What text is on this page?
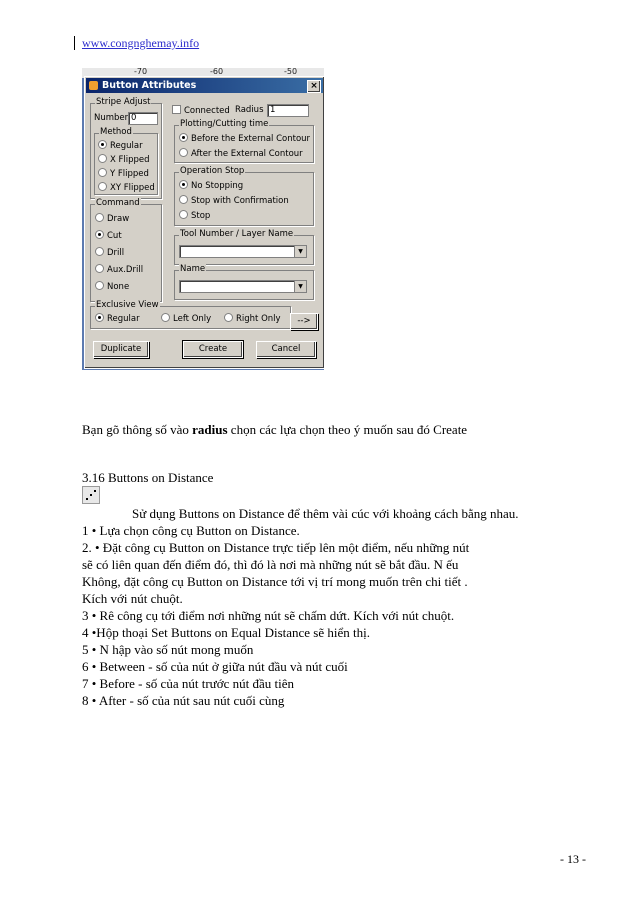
www.congnghemay.info
-70	-60	-50
Button Attributes	×
Stripe Adjust
Number 0
Method
Regular
X Flipped
Y Flipped
XY Flipped
Command
Draw
Cut
Drill
Aux.Drill
None
Connected Radius 1
Plotting/Cutting time
Before the External Contour
After the External Contour
Operation Stop
No Stopping
Stop with Confirmation
Stop
Tool Number / Layer Name
▼
Name
▼
Exclusive View
Regular	Left Only	Right Only	-->
Duplicate	Create	Cancel
Bạn gõ thông số vào radius chọn các lựa chọn theo ý muốn sau đó Create
3.16 Buttons on Distance
Sử dụng Buttons on Distance để thêm vài cúc với khoảng cách bằng nhau.
1 • Lựa chọn công cụ Button on Distance.
2. • Đặt công cụ Button on Distance trực tiếp lên một điểm, nếu những nút
sẽ có liên quan đến điểm đó, thì đó là nơi mà những nút sẽ bắt đầu. N ếu
Không, đặt công cụ Button on Distance tới vị trí mong muốn trên chi tiết .
Kích với nút chuột.
3 • Rê công cụ tới điểm nơi những nút sẽ chấm dứt. Kích với nút chuột.
4 •Hộp thoại Set Buttons on Equal Distance sẽ hiển thị.
5 • N hập vào số nút mong muốn
6 • Between - số của nút ở giữa nút đầu và nút cuối
7 • Before - số của nút trước nút đầu tiên
8 • After - số của nút sau nút cuối cùng
- 13 -
